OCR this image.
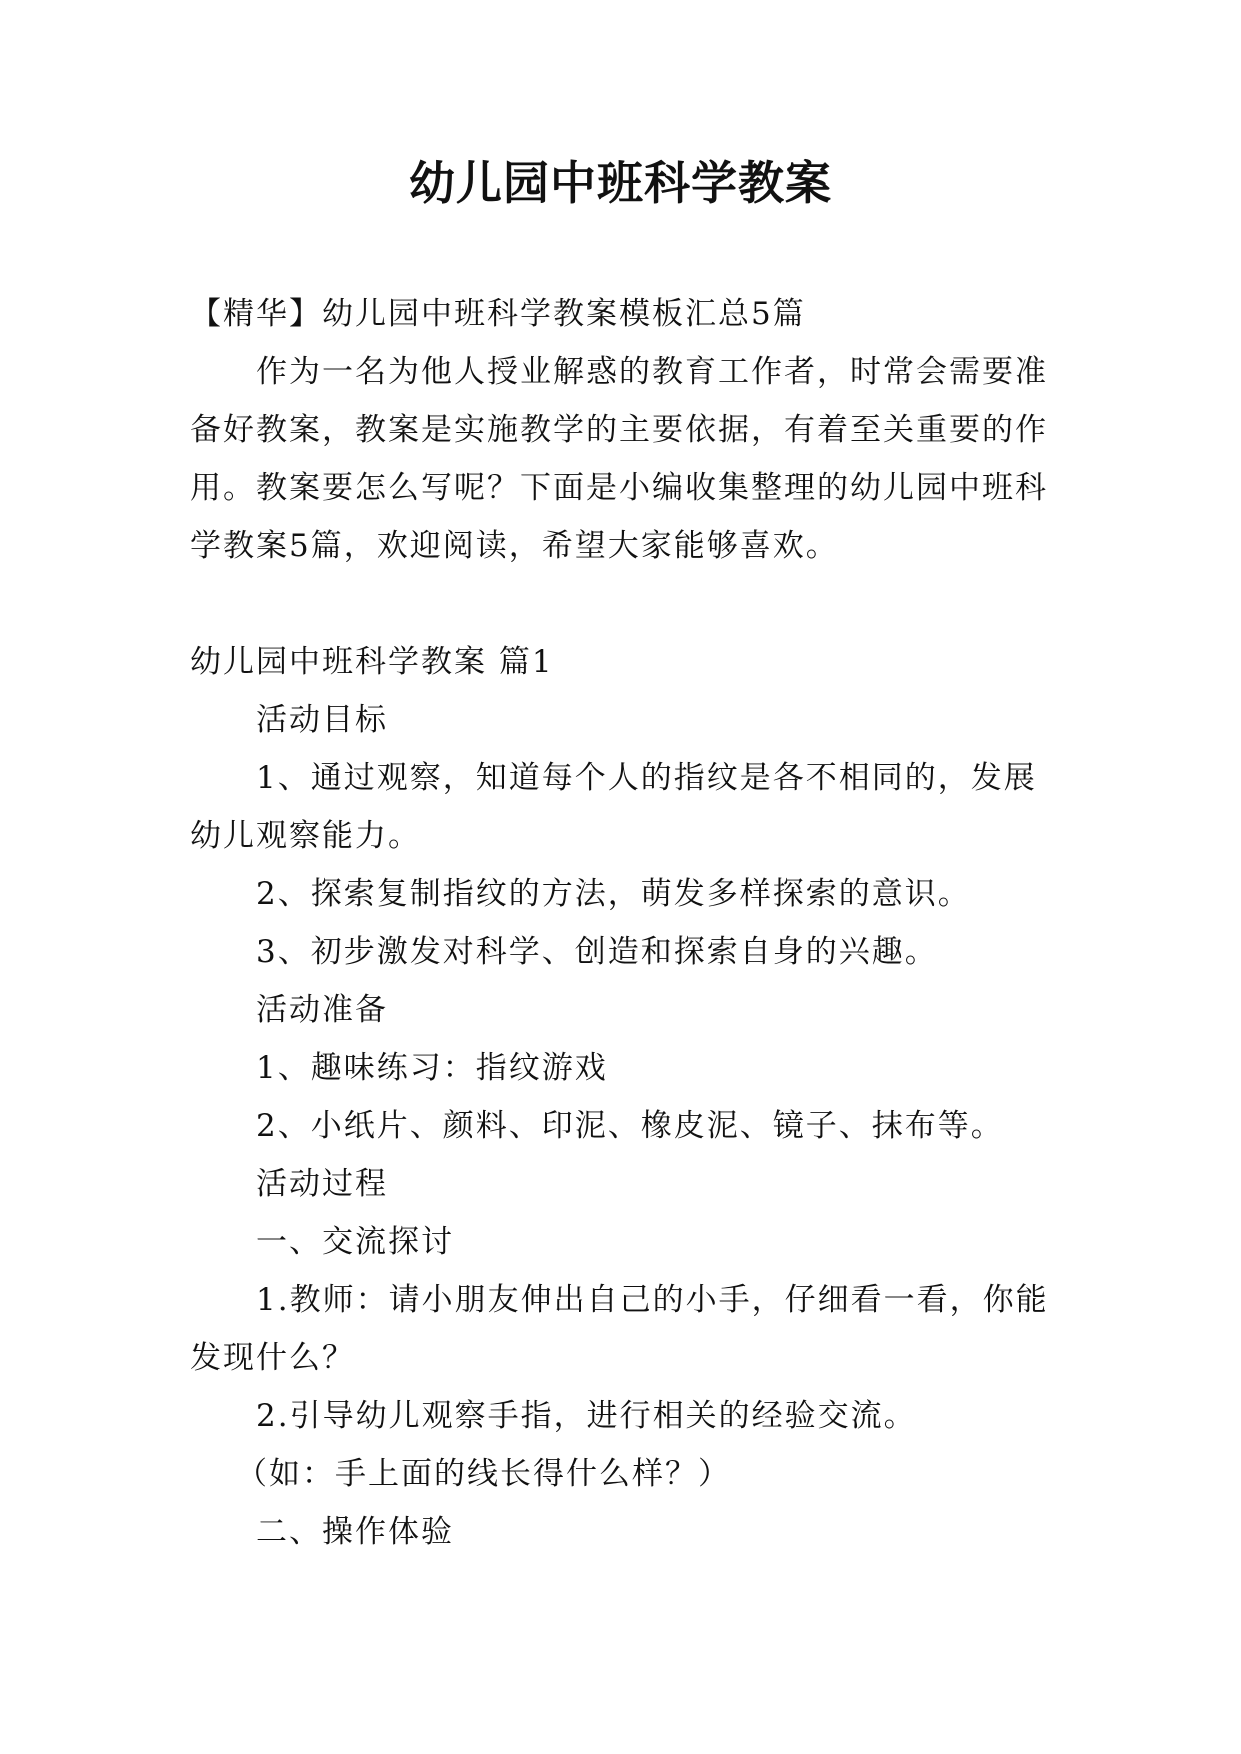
幼儿园中班科学教案

【精华】幼儿园中班科学教案模板汇总5篇

作为一名为他人授业解惑的教育工作者，时常会需要准

备好教案，教案是实施教学的主要依据，有着至关重要的作

用。教案要怎么写呢？下面是小编收集整理的幼儿园中班科

学教案5篇，欢迎阅读，希望大家能够喜欢。

幼儿园中班科学教案 篇1

活动目标

1、通过观察，知道每个人的指纹是各不相同的，发展

幼儿观察能力。

2、探索复制指纹的方法，萌发多样探索的意识。

3、初步激发对科学、创造和探索自身的兴趣。

活动准备

1、趣味练习：指纹游戏

2、小纸片、颜料、印泥、橡皮泥、镜子、抹布等。

活动过程

一、交流探讨

1.教师：请小朋友伸出自己的小手，仔细看一看，你能

发现什么？

2.引导幼儿观察手指，进行相关的经验交流。

（如：手上面的线长得什么样？）

二、操作体验
